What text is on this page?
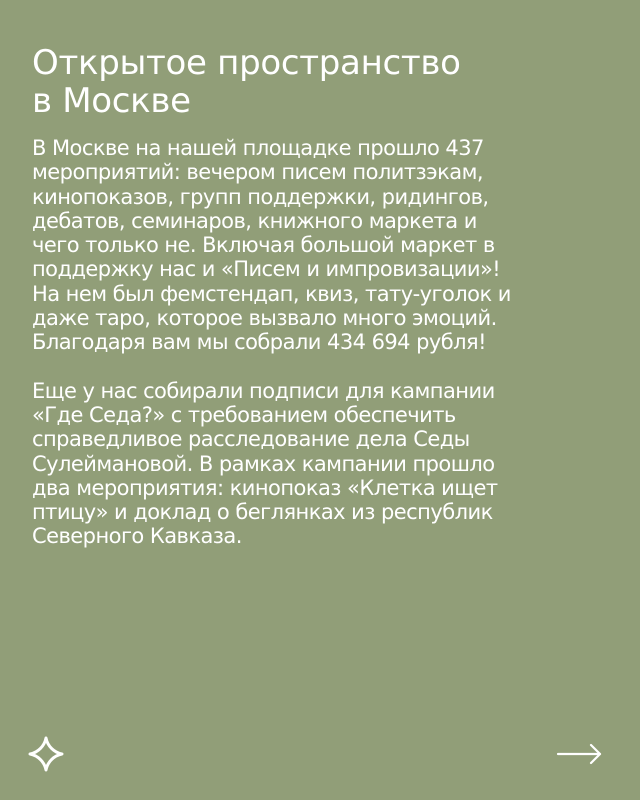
Открытое пространство
в Москве

В Москве на нашей площадке прошло 437
мероприятий: вечером писем политзэкам,
кинопоказов, групп поддержки, ридингов,
дебатов, семинаров, книжного маркета и
чего только не. Включая большой маркет в
поддержку нас и «Писем и импровизации»!
На нем был фемстендап, квиз, тату-уголок и
даже таро, которое вызвало много эмоций.
Благодаря вам мы собрали 434 694 рубля!

Еще у нас собирали подписи для кампании
«Где Седа?» с требованием обеспечить
справедливое расследование дела Седы
Сулеймановой. В рамках кампании прошло
два мероприятия: кинопоказ «Клетка ищет
птицу» и доклад о беглянках из республик
Северного Кавказа.
